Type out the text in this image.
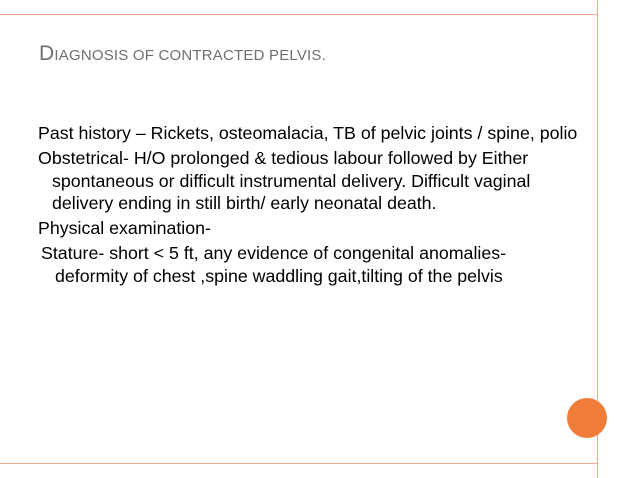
DIAGNOSIS OF CONTRACTED PELVIS.

Past history – Rickets, osteomalacia, TB of pelvic joints / spine, polio

Obstetrical- H/O prolonged & tedious labour followed by Either spontaneous or difficult instrumental delivery. Difficult vaginal delivery ending in still birth/ early neonatal death.

Physical examination-

Stature- short < 5 ft, any evidence of congenital anomalies- deformity of chest ,spine waddling gait,tilting of the pelvis
